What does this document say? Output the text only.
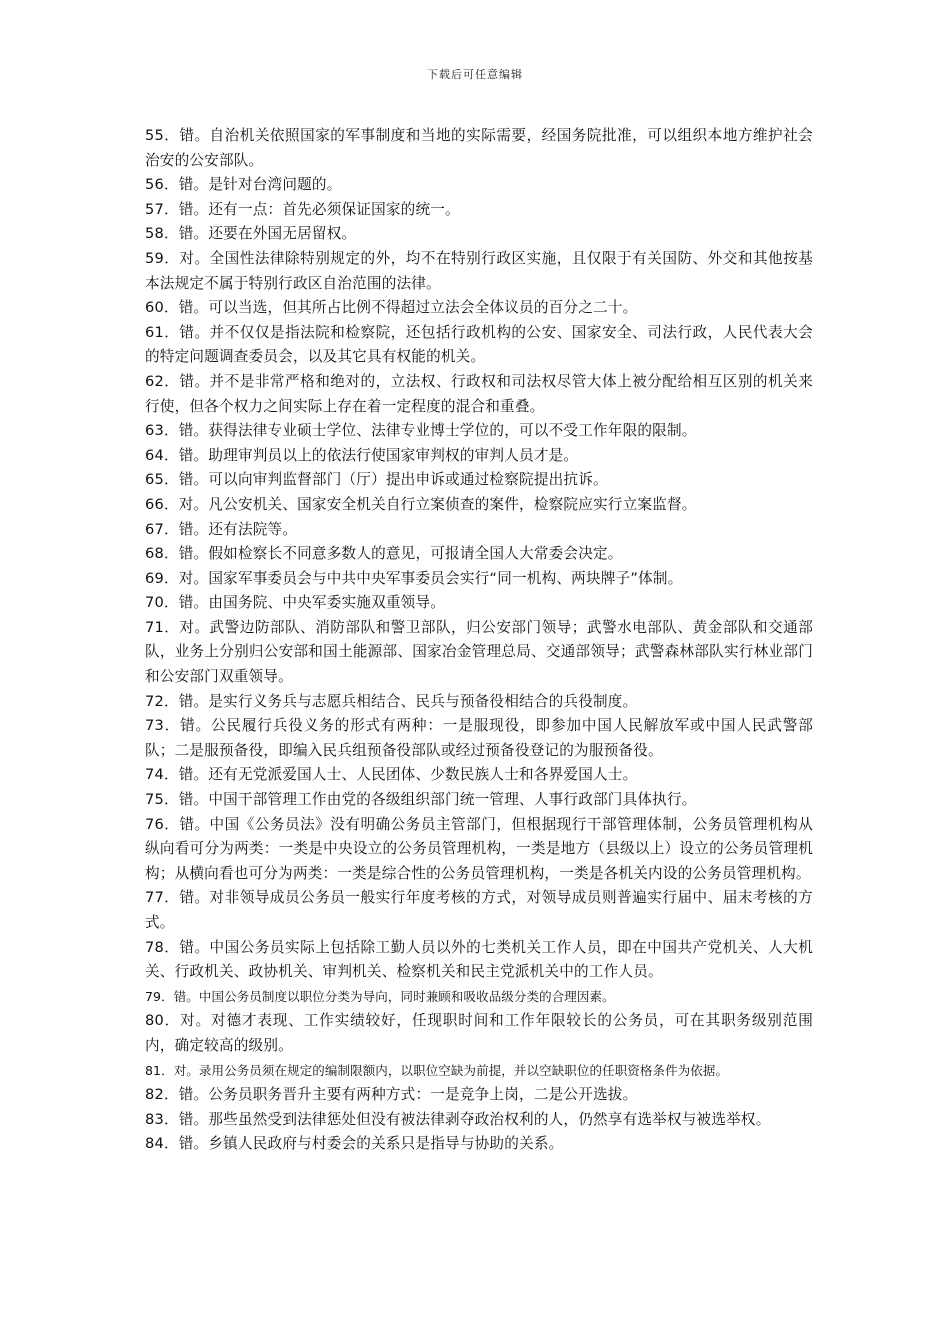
下载后可任意编辑

55．错。自治机关依照国家的军事制度和当地的实际需要，经国务院批准，可以组织本地方维护社会治安的公安部队。

56．错。是针对台湾问题的。

57．错。还有一点：首先必须保证国家的统一。

58．错。还要在外国无居留权。

59．对。全国性法律除特别规定的外，均不在特别行政区实施，且仅限于有关国防、外交和其他按基本法规定不属于特别行政区自治范围的法律。

60．错。可以当选，但其所占比例不得超过立法会全体议员的百分之二十。

61．错。并不仅仅是指法院和检察院，还包括行政机构的公安、国家安全、司法行政，人民代表大会的特定问题调查委员会，以及其它具有权能的机关。

62．错。并不是非常严格和绝对的，立法权、行政权和司法权尽管大体上被分配给相互区别的机关来行使，但各个权力之间实际上存在着一定程度的混合和重叠。

63．错。获得法律专业硕士学位、法律专业博士学位的，可以不受工作年限的限制。

64．错。助理审判员以上的依法行使国家审判权的审判人员才是。

65．错。可以向审判监督部门（厅）提出申诉或通过检察院提出抗诉。

66．对。凡公安机关、国家安全机关自行立案侦查的案件，检察院应实行立案监督。

67．错。还有法院等。

68．错。假如检察长不同意多数人的意见，可报请全国人大常委会决定。

69．对。国家军事委员会与中共中央军事委员会实行“同一机构、两块牌子”体制。

70．错。由国务院、中央军委实施双重领导。

71．对。武警边防部队、消防部队和警卫部队，归公安部门领导；武警水电部队、黄金部队和交通部队，业务上分别归公安部和国土能源部、国家冶金管理总局、交通部领导；武警森林部队实行林业部门和公安部门双重领导。

72．错。是实行义务兵与志愿兵相结合、民兵与预备役相结合的兵役制度。

73．错。公民履行兵役义务的形式有两种：一是服现役，即参加中国人民解放军或中国人民武警部队；二是服预备役，即编入民兵组预备役部队或经过预备役登记的为服预备役。

74．错。还有无党派爱国人士、人民团体、少数民族人士和各界爱国人士。

75．错。中国干部管理工作由党的各级组织部门统一管理、人事行政部门具体执行。

76．错。中国《公务员法》没有明确公务员主管部门，但根据现行干部管理体制，公务员管理机构从纵向看可分为两类：一类是中央设立的公务员管理机构，一类是地方（县级以上）设立的公务员管理机构；从横向看也可分为两类：一类是综合性的公务员管理机构，一类是各机关内设的公务员管理机构。

77．错。对非领导成员公务员一般实行年度考核的方式，对领导成员则普遍实行届中、届末考核的方式。

78．错。中国公务员实际上包括除工勤人员以外的七类机关工作人员，即在中国共产党机关、人大机关、行政机关、政协机关、审判机关、检察机关和民主党派机关中的工作人员。

79．错。中国公务员制度以职位分类为导向，同时兼顾和吸收品级分类的合理因素。

80．对。对德才表现、工作实绩较好，任现职时间和工作年限较长的公务员，可在其职务级别范围内，确定较高的级别。

81．对。录用公务员须在规定的编制限额内，以职位空缺为前提，并以空缺职位的任职资格条件为依据。

82．错。公务员职务晋升主要有两种方式：一是竞争上岗，二是公开选拔。

83．错。那些虽然受到法律惩处但没有被法律剥夺政治权利的人，仍然享有选举权与被选举权。

84．错。乡镇人民政府与村委会的关系只是指导与协助的关系。
